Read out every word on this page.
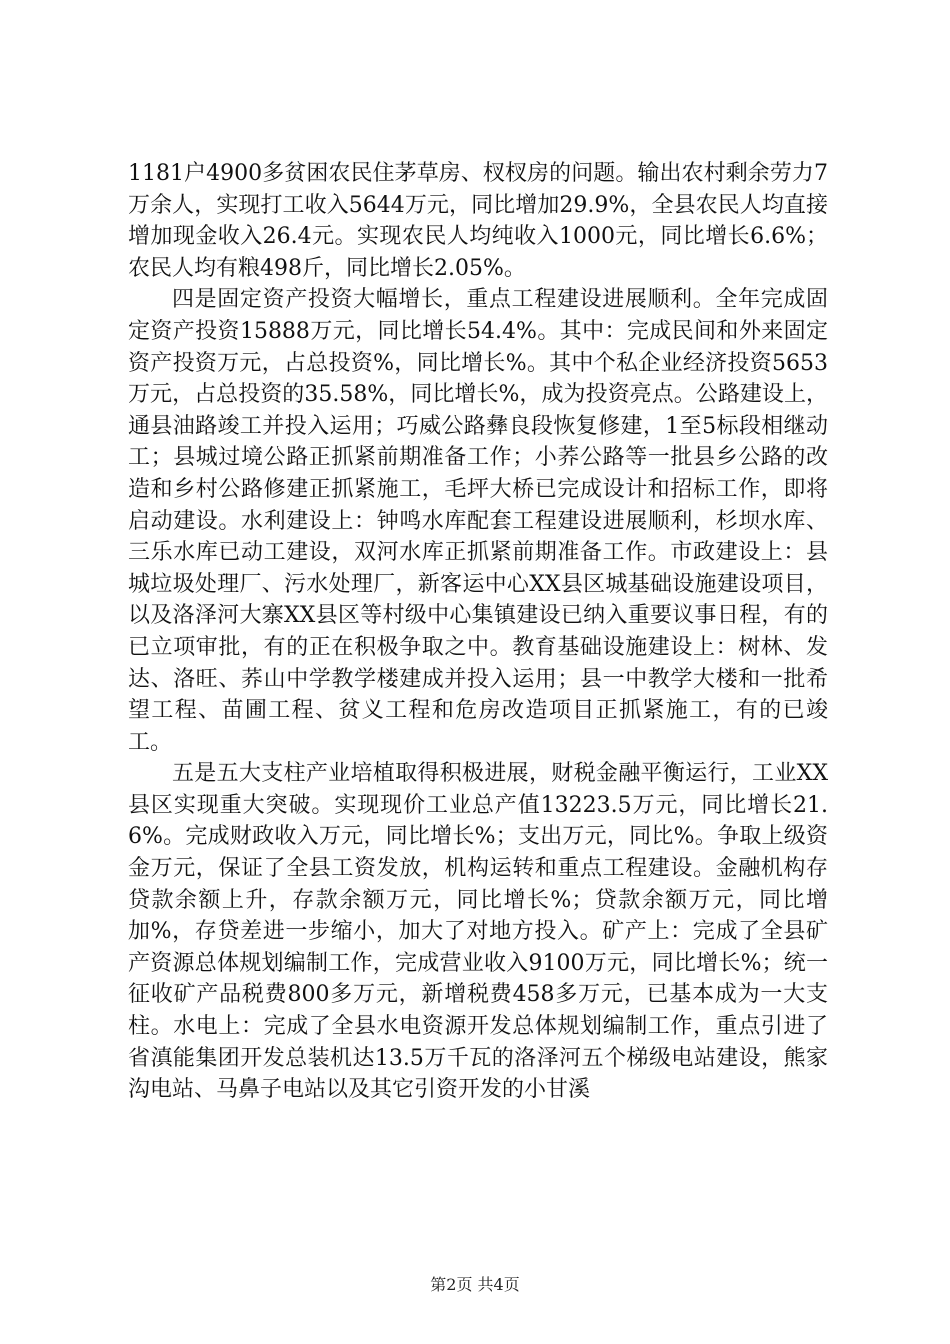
1181户4900多贫困农民住茅草房、杈杈房的问题。输出农村剩余劳力7万余人，实现打工收入5644万元，同比增加29.9%，全县农民人均直接增加现金收入26.4元。实现农民人均纯收入1000元，同比增长6.6%；农民人均有粮498斤，同比增长2.05%。

四是固定资产投资大幅增长，重点工程建设进展顺利。全年完成固定资产投资15888万元，同比增长54.4%。其中：完成民间和外来固定资产投资万元，占总投资%，同比增长%。其中个私企业经济投资5653万元，占总投资的35.58%，同比增长%，成为投资亮点。公路建设上，通县油路竣工并投入运用；巧威公路彝良段恢复修建，1至5标段相继动工；县城过境公路正抓紧前期准备工作；小荞公路等一批县乡公路的改造和乡村公路修建正抓紧施工，毛坪大桥已完成设计和招标工作，即将启动建设。水利建设上：钟鸣水库配套工程建设进展顺利，杉坝水库、三乐水库已动工建设，双河水库正抓紧前期准备工作。市政建设上：县城垃圾处理厂、污水处理厂，新客运中心XX县区城基础设施建设项目，以及洛泽河大寨XX县区等村级中心集镇建设已纳入重要议事日程，有的已立项审批，有的正在积极争取之中。教育基础设施建设上：树林、发达、洛旺、荞山中学教学楼建成并投入运用；县一中教学大楼和一批希望工程、苗圃工程、贫义工程和危房改造项目正抓紧施工，有的已竣工。

五是五大支柱产业培植取得积极进展，财税金融平衡运行，工业XX县区实现重大突破。实现现价工业总产值13223.5万元，同比增长21.6%。完成财政收入万元，同比增长%；支出万元，同比%。争取上级资金万元，保证了全县工资发放，机构运转和重点工程建设。金融机构存贷款余额上升，存款余额万元，同比增长%；贷款余额万元，同比增加%，存贷差进一步缩小，加大了对地方投入。矿产上：完成了全县矿产资源总体规划编制工作，完成营业收入9100万元，同比增长%；统一征收矿产品税费800多万元，新增税费458多万元，已基本成为一大支柱。水电上：完成了全县水电资源开发总体规划编制工作，重点引进了省滇能集团开发总装机达13.5万千瓦的洛泽河五个梯级电站建设，熊家沟电站、马鼻子电站以及其它引资开发的小甘溪

第2页 共4页
